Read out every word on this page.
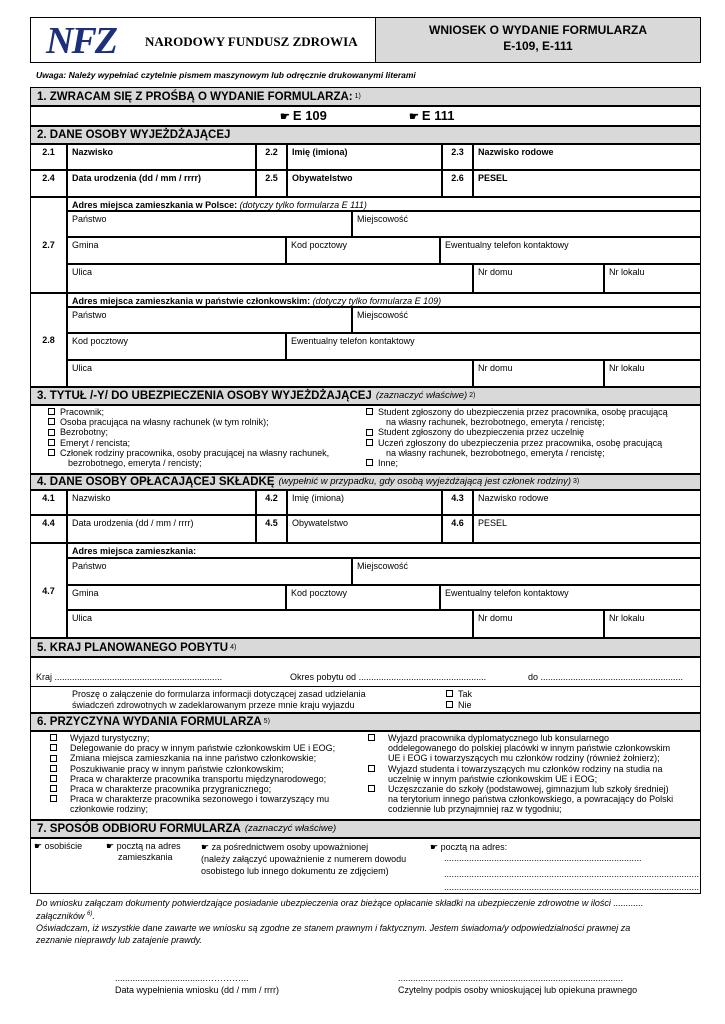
NFZ NARODOWY FUNDUSZ ZDROWIA
WNIOSEK O WYDANIE FORMULARZA
E-109, E-111
Uwaga: Należy wypełniać czytelnie pismem maszynowym lub odręcznie drukowanymi literami
1. ZWRACAM SIĘ Z PROŚBĄ O WYDANIE FORMULARZA: 1)
☛ E 109	☛ E 111
2. DANE OSOBY WYJEŻDŻAJĄCEJ
2.1	Nazwisko	2.2	Imię (imiona)	2.3	Nazwisko rodowe
2.4	Data urodzenia (dd / mm / rrrr)	2.5	Obywatelstwo	2.6	PESEL
2.7
Adres miejsca zamieszkania w Polsce: (dotyczy tylko formularza E 111)
Państwo	Miejscowość
Gmina	Kod pocztowy	Ewentualny telefon kontaktowy
Ulica	Nr domu	Nr lokalu
2.8
Adres miejsca zamieszkania w państwie członkowskim: (dotyczy tylko formularza E 109)
Państwo	Miejscowość
Kod pocztowy	Ewentualny telefon kontaktowy
Ulica	Nr domu	Nr lokalu
3. TYTUŁ /-Y/ DO UBEZPIECZENIA OSOBY WYJEŻDŻAJĄCEJ (zaznaczyć właściwe) 2)
Pracownik;
Osoba pracująca na własny rachunek (w tym rolnik);
Bezrobotny;
Emeryt / rencista;
Członek rodziny pracownika, osoby pracującej na własny rachunek,
bezrobotnego, emeryta / rencisty;
Student zgłoszony do ubezpieczenia przez pracownika, osobę pracującą
na własny rachunek, bezrobotnego, emeryta / rencistę;
Student zgłoszony do ubezpieczenia przez uczelnię
Uczeń zgłoszony do ubezpieczenia przez pracownika, osobę pracującą
na własny rachunek, bezrobotnego, emeryta / rencistę;
Inne;
4. DANE OSOBY OPŁACAJĄCEJ SKŁADKĘ (wypełnić w przypadku, gdy osobą wyjeżdżającą jest członek rodziny) 3)
4.1	Nazwisko	4.2	Imię (imiona)	4.3	Nazwisko rodowe
4.4	Data urodzenia (dd / mm / rrrr)	4.5	Obywatelstwo	4.6	PESEL
4.7
Adres miejsca zamieszkania:
Państwo	Miejscowość
Gmina	Kod pocztowy	Ewentualny telefon kontaktowy
Ulica	Nr domu	Nr lokalu
5. KRAJ PLANOWANEGO POBYTU 4)
Kraj ...................................................................	Okres pobytu od ...................................................	do .........................................................
Proszę o załączenie do formularza informacji dotyczącej zasad udzielania
świadczeń zdrowotnych w zadeklarowanym przeze mnie kraju wyjazdu
Tak
Nie
6. PRZYCZYNA WYDANIA FORMULARZA 5)
Wyjazd turystyczny;
Delegowanie do pracy w innym państwie członkowskim UE i EOG;
Zmiana miejsca zamieszkania na inne państwo członkowskie;
Poszukiwanie pracy w innym państwie członkowskim;
Praca w charakterze pracownika transportu międzynarodowego;
Praca w charakterze pracownika przygranicznego;
Praca w charakterze pracownika sezonowego i towarzyszący mu
członkowie rodziny;
Wyjazd pracownika dyplomatycznego lub konsularnego
oddelegowanego do polskiej placówki w innym państwie członkowskim
UE i EOG i towarzyszących mu członków rodziny (również żołnierz);
Wyjazd studenta i towarzyszących mu członków rodziny na studia na
uczelnię w innym państwie członkowskim UE i EOG;
Uczęszczanie do szkoły (podstawowej, gimnazjum lub szkoły średniej)
na terytorium innego państwa członkowskiego, a powracający do Polski
codziennie lub przynajmniej raz w tygodniu;
7. SPOSÓB ODBIORU FORMULARZA (zaznaczyć właściwe)
☛ osobiście	☛ pocztą na adres
zamieszkania
☛ za pośrednictwem osoby upoważnionej
(należy załączyć upoważnienie z numerem dowodu
osobistego lub innego dokumentu ze zdjęciem)
☛ pocztą na adres:
...............................................................................
......................................................................................................
......................................................................................................
Do wniosku załączam dokumenty potwierdzające posiadanie ubezpieczenia oraz bieżące opłacanie składki na ubezpieczenie zdrowotne w ilości ............
załączników $^{6)}$.
Oświadczam, iż wszystkie dane zawarte we wniosku są zgodne ze stanem prawnym i faktycznym. Jestem świadoma/y odpowiedzialności prawnej za
zeznanie nieprawdy lub zatajenie prawdy.
....................................…………...
Data wypełnienia wniosku (dd / mm / rrrr)
..........................................................................................
Czytelny podpis osoby wnioskującej lub opiekuna prawnego
